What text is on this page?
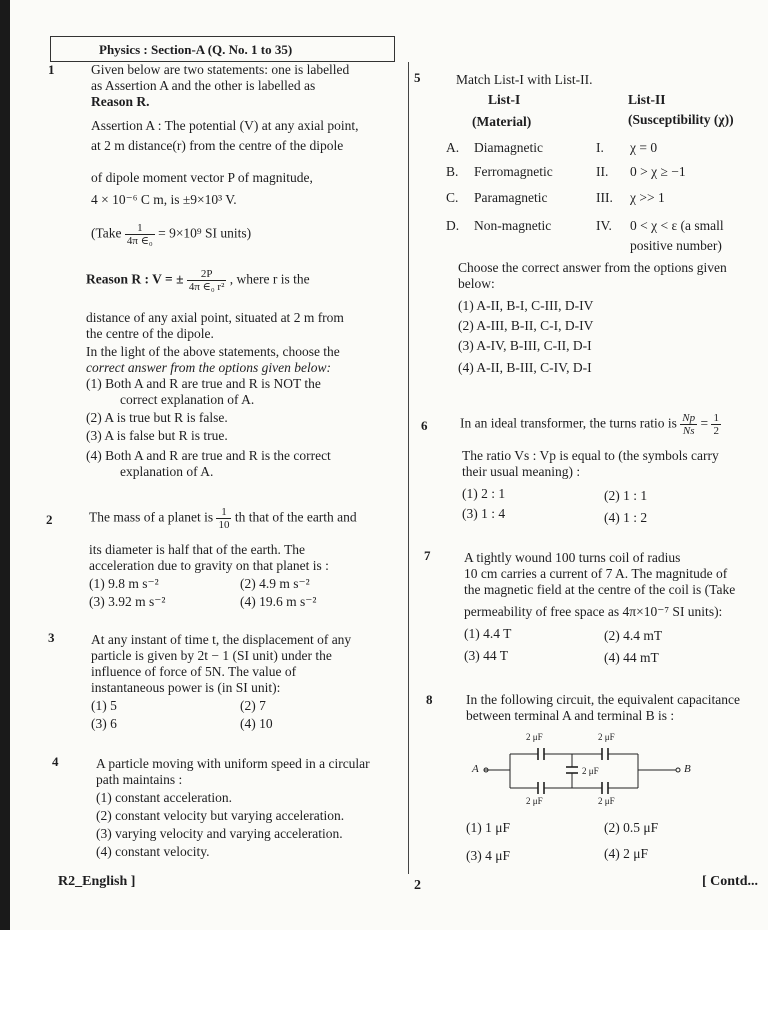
Physics : Section-A (Q. No. 1 to 35)
1	Given below are two statements: one is labelled
as Assertion A and the other is labelled as
Reason R.
Assertion A : The potential (V) at any axial point,
at 2 m distance(r) from the centre of the dipole
of dipole moment vector P of magnitude,
4 × 10⁻⁶ C m, is ±9×10³ V.
(Take $\frac{1}{\text{4π ∈₀}} = 9\times 10^9$ SI units)
Reason R : V = ± $\frac{2P}{\text{4π ∈₀ r²}}$ , where r is the
distance of any axial point, situated at 2 m from
the centre of the dipole.
In the light of the above statements, choose the
correct answer from the options given below:
(1) Both A and R are true and R is NOT the
correct explanation of A.
(2) A is true but R is false.
(3) A is false but R is true.
(4) Both A and R are true and R is the correct
explanation of A.
2	The mass of a planet is $\frac{1}{10}$ th that of the earth and
its diameter is half that of the earth. The
acceleration due to gravity on that planet is :
(1) 9.8 m s⁻²	(2) 4.9 m s⁻²
(3) 3.92 m s⁻²	(4) 19.6 m s⁻²
3	At any instant of time t, the displacement of any
particle is given by 2t − 1 (SI unit) under the
influence of force of 5N. The value of
instantaneous power is (in SI unit):
(1) 5	(2) 7
(3) 6	(4) 10
4	A particle moving with uniform speed in a circular
path maintains :
(1) constant acceleration.
(2) constant velocity but varying acceleration.
(3) varying velocity and varying acceleration.
(4) constant velocity.
5	Match List-I with List-II.
List-I	List-II
(Material)	(Susceptibility (χ))
A. Diamagnetic	I. χ = 0
B. Ferromagnetic	II. 0 > χ ≥ −1
C. Paramagnetic	III. χ >> 1
D. Non-magnetic	IV. 0 < χ < ε (a small
positive number)
Choose the correct answer from the options given
below:
(1) A-II, B-I, C-III, D-IV
(2) A-III, B-II, C-I, D-IV
(3) A-IV, B-III, C-II, D-I
(4) A-II, B-III, C-IV, D-I
6 In an ideal transformer, the turns ratio is $\frac{Np}{Ns} = \frac{1}{2}$
The ratio Vs : Vp is equal to (the symbols carry
their usual meaning) :
(1) 2 : 1	(2) 1 : 1
(3) 1 : 4	(4) 1 : 2
7 A tightly wound 100 turns coil of radius
10 cm carries a current of 7 A. The magnitude of
the magnetic field at the centre of the coil is (Take
permeability of free space as 4π×10⁻⁷ SI units):
(1) 4.4 T	(2) 4.4 mT
(3) 44 T	(4) 44 mT
8 In the following circuit, the equivalent capacitance
between terminal A and terminal B is :
2 μF	2 μF
2 μF
2 μF	2 μF
A	B
(1) 1 μF	(2) 0.5 μF
(3) 4 μF	(4) 2 μF
R2_English ]	2	[ Contd...
